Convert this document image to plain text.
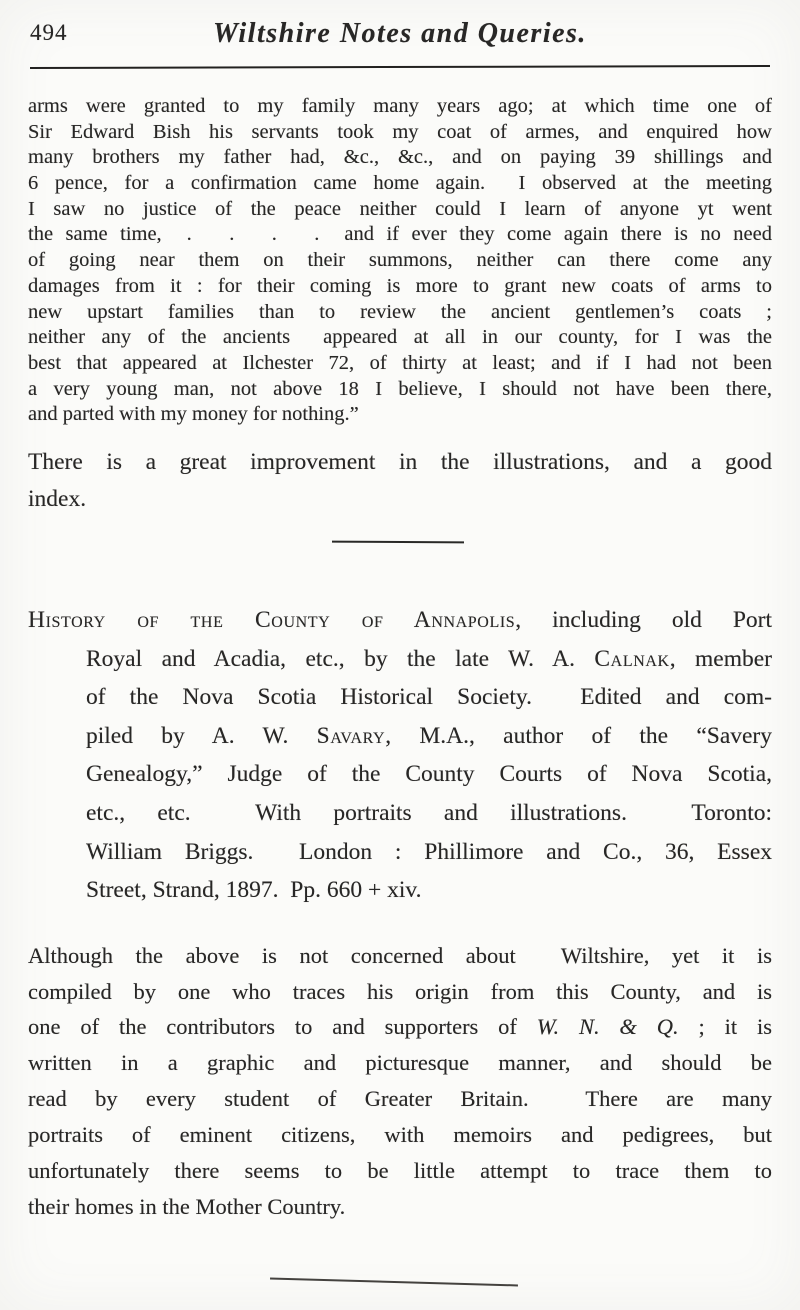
494	Wiltshire Notes and Queries.
arms were granted to my family many years ago; at which time one of
Sir Edward Bish his servants took my coat of armes, and enquired how
many brothers my father had, &c., &c., and on paying 39 shillings and
6 pence, for a confirmation came home again.  I observed at the meeting
I saw no justice of the peace neither could I learn of anyone yt went
the same time,  .   .   .   .  and if ever they come again there is no need
of going near them on their summons, neither can there come any
damages from it : for their coming is more to grant new coats of arms to
new upstart families than to review the ancient gentlemen’s coats ;
neither any of the ancients  appeared at all in our county, for I was the
best that appeared at Ilchester 72, of thirty at least; and if I had not been
a very young man, not above 18 I believe, I should not have been there,
and parted with my money for nothing.”
There is a great improvement in the illustrations, and a good
index.
History of the County of Annapolis, including old Port
Royal and Acadia, etc., by the late W. A. Calnak, member
of the Nova Scotia Historical Society.  Edited and com-
piled by A. W. Savary, M.A., author of the “Savery
Genealogy,” Judge of the County Courts of Nova Scotia,
etc., etc.  With portraits and illustrations.  Toronto:
William Briggs.  London : Phillimore and Co., 36, Essex
Street, Strand, 1897.  Pp. 660 + xiv.
Although the above is not concerned about  Wiltshire, yet it is
compiled by one who traces his origin from this County, and is
one of the contributors to and supporters of W. N. & Q. ; it is
written in a graphic and picturesque manner, and should be
read by every student of Greater Britain.  There are many
portraits of eminent citizens, with memoirs and pedigrees, but
unfortunately there seems to be little attempt to trace them to
their homes in the Mother Country.
